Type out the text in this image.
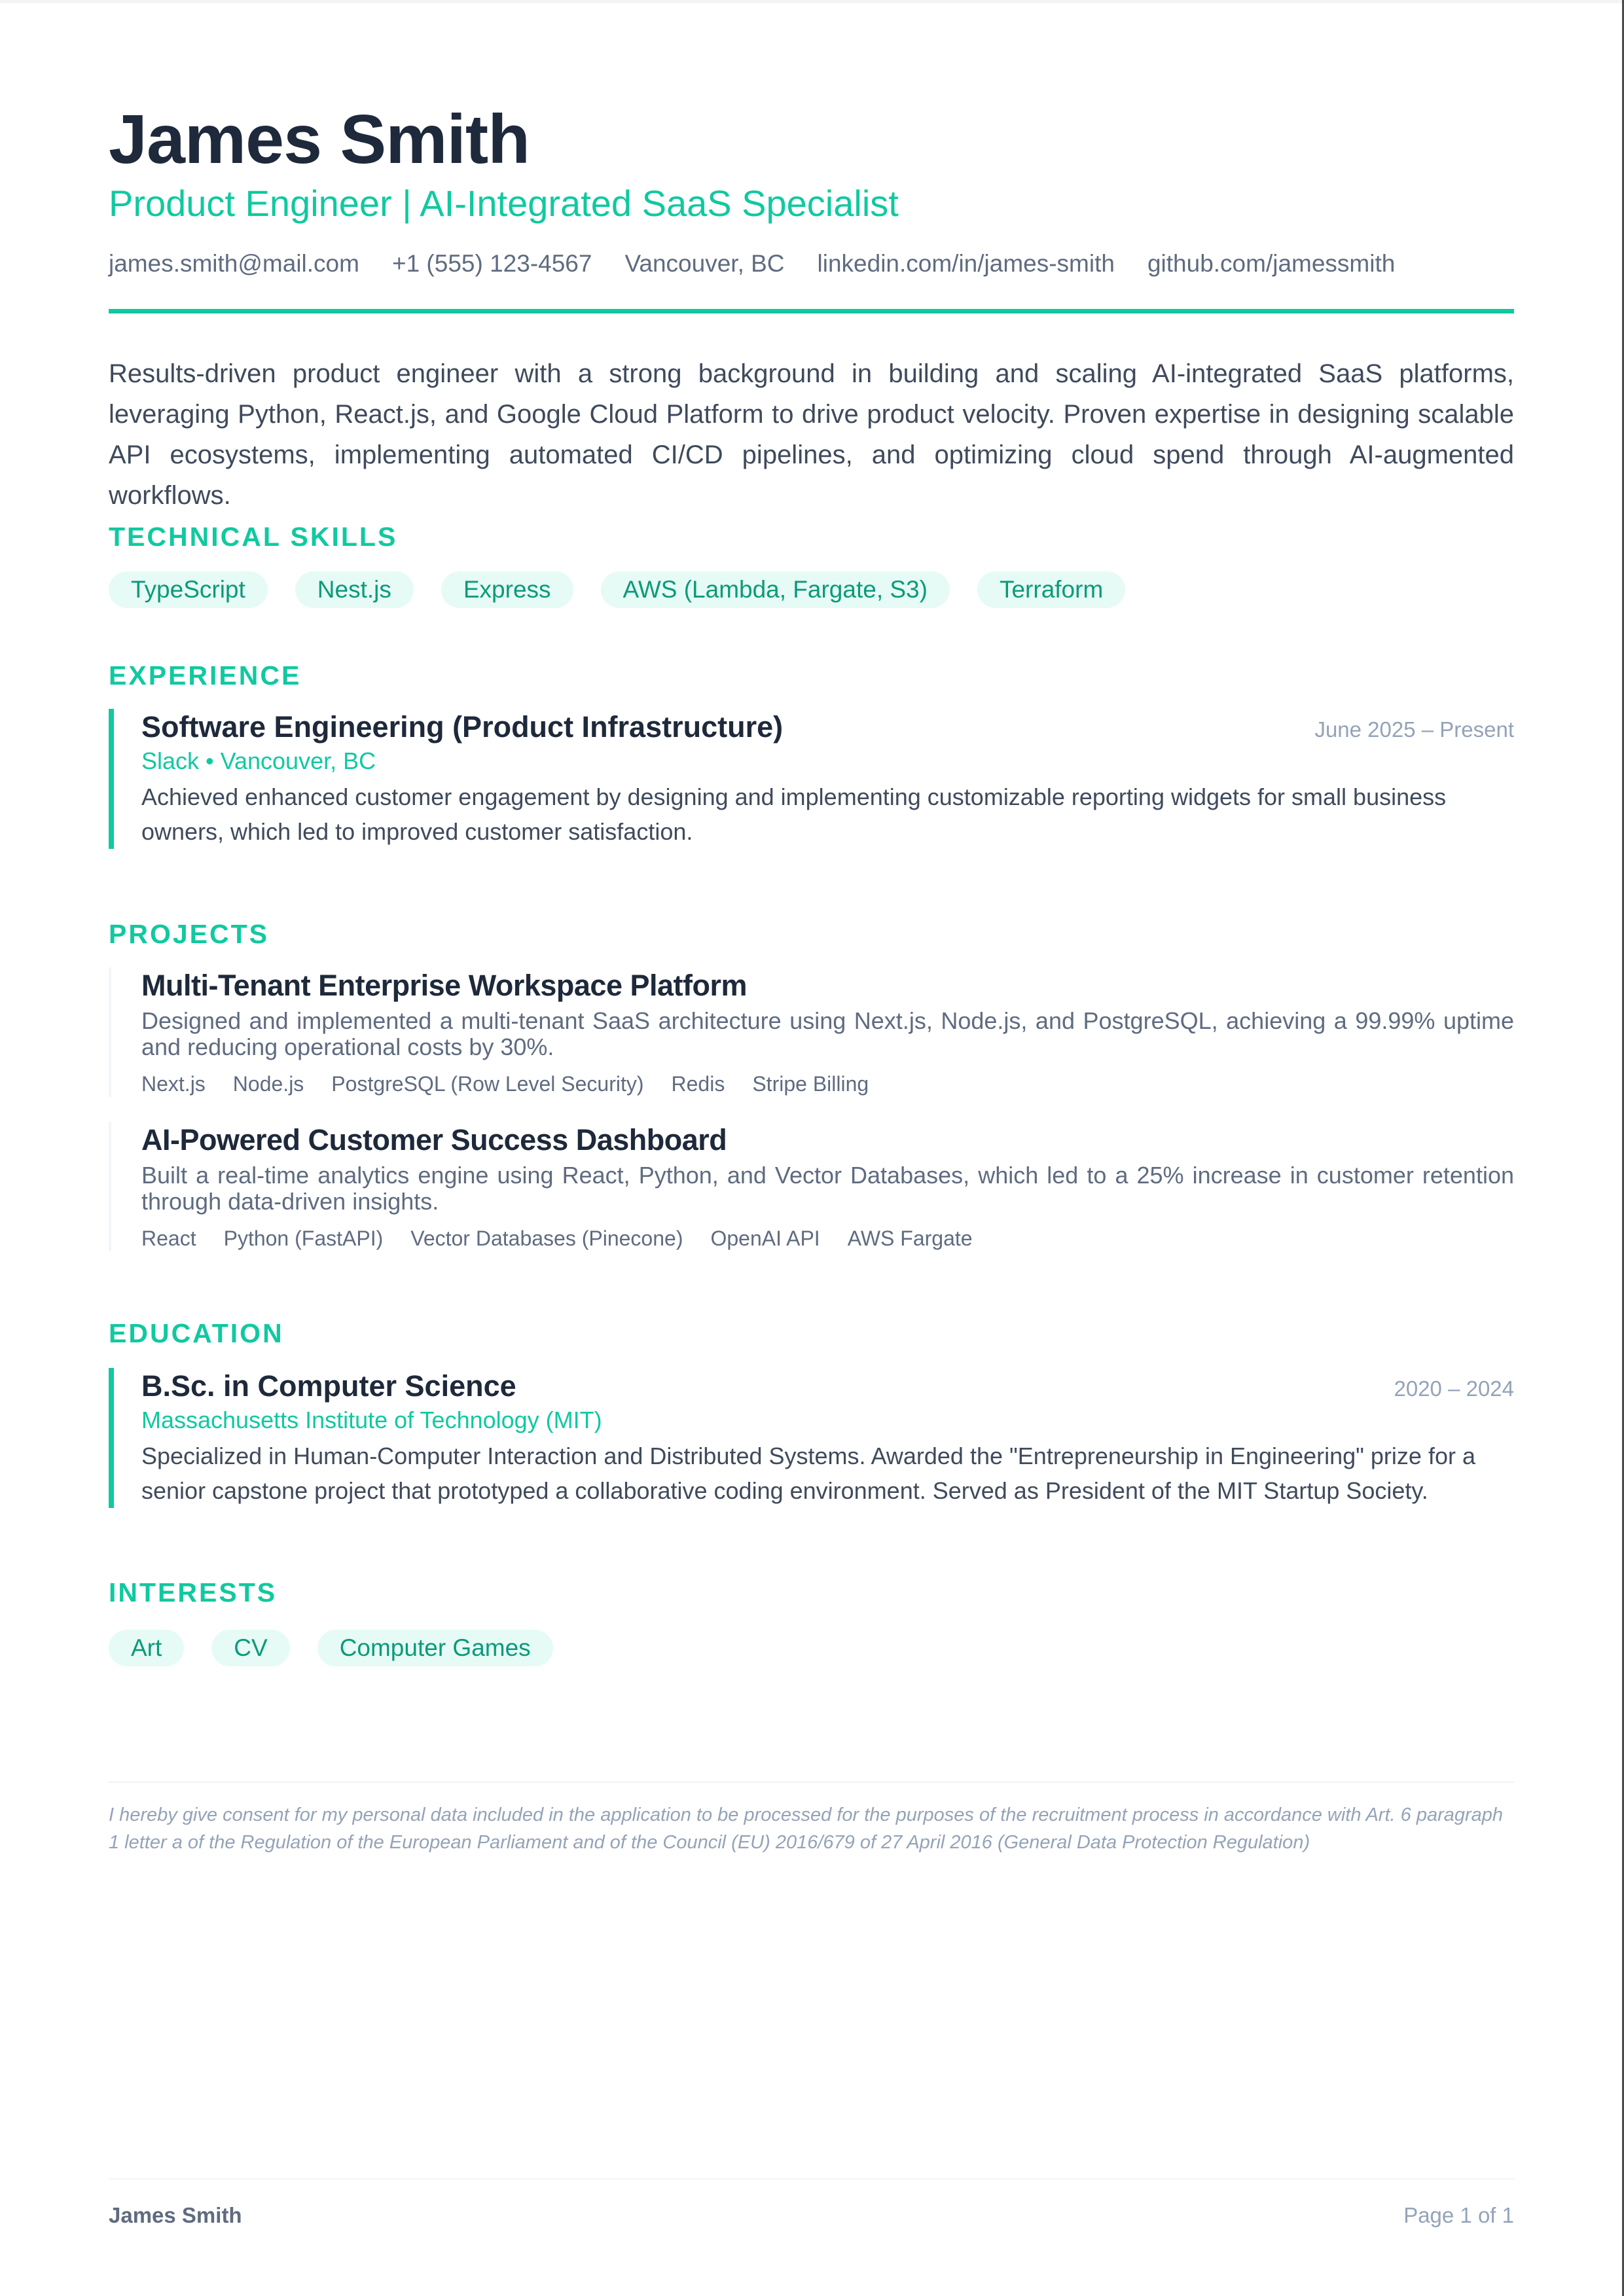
James Smith
Product Engineer | AI-Integrated SaaS Specialist
james.smith@mail.com +1 (555) 123-4567 Vancouver, BC linkedin.com/in/james-smith github.com/jamessmith

Results-driven product engineer with a strong background in building and scaling AI-integrated SaaS platforms, leveraging Python, React.js, and Google Cloud Platform to drive product velocity. Proven expertise in designing scalable API ecosystems, implementing automated CI/CD pipelines, and optimizing cloud spend through AI-augmented workflows.

TECHNICAL SKILLS
TypeScript	Nest.js	Express	AWS (Lambda, Fargate, S3)	Terraform
EXPERIENCE
Software Engineering (Product Infrastructure)	June 2025 – Present
Slack • Vancouver, BC
Achieved enhanced customer engagement by designing and implementing customizable reporting widgets for small business owners, which led to improved customer satisfaction.
PROJECTS
Multi-Tenant Enterprise Workspace Platform
Designed and implemented a multi-tenant SaaS architecture using Next.js, Node.js, and PostgreSQL, achieving a 99.99% uptime and reducing operational costs by 30%.
Next.js Node.js PostgreSQL (Row Level Security) Redis Stripe Billing
AI-Powered Customer Success Dashboard
Built a real-time analytics engine using React, Python, and Vector Databases, which led to a 25% increase in customer retention through data-driven insights.
React Python (FastAPI) Vector Databases (Pinecone) OpenAI API AWS Fargate
EDUCATION
B.Sc. in Computer Science	2020 – 2024
Massachusetts Institute of Technology (MIT)
Specialized in Human-Computer Interaction and Distributed Systems. Awarded the "Entrepreneurship in Engineering" prize for a senior capstone project that prototyped a collaborative coding environment. Served as President of the MIT Startup Society.
INTERESTS
Art	CV	Computer Games
I hereby give consent for my personal data included in the application to be processed for the purposes of the recruitment process in accordance with Art. 6 paragraph 1 letter a of the Regulation of the European Parliament and of the Council (EU) 2016/679 of 27 April 2016 (General Data Protection Regulation)
James Smith	Page 1 of 1
